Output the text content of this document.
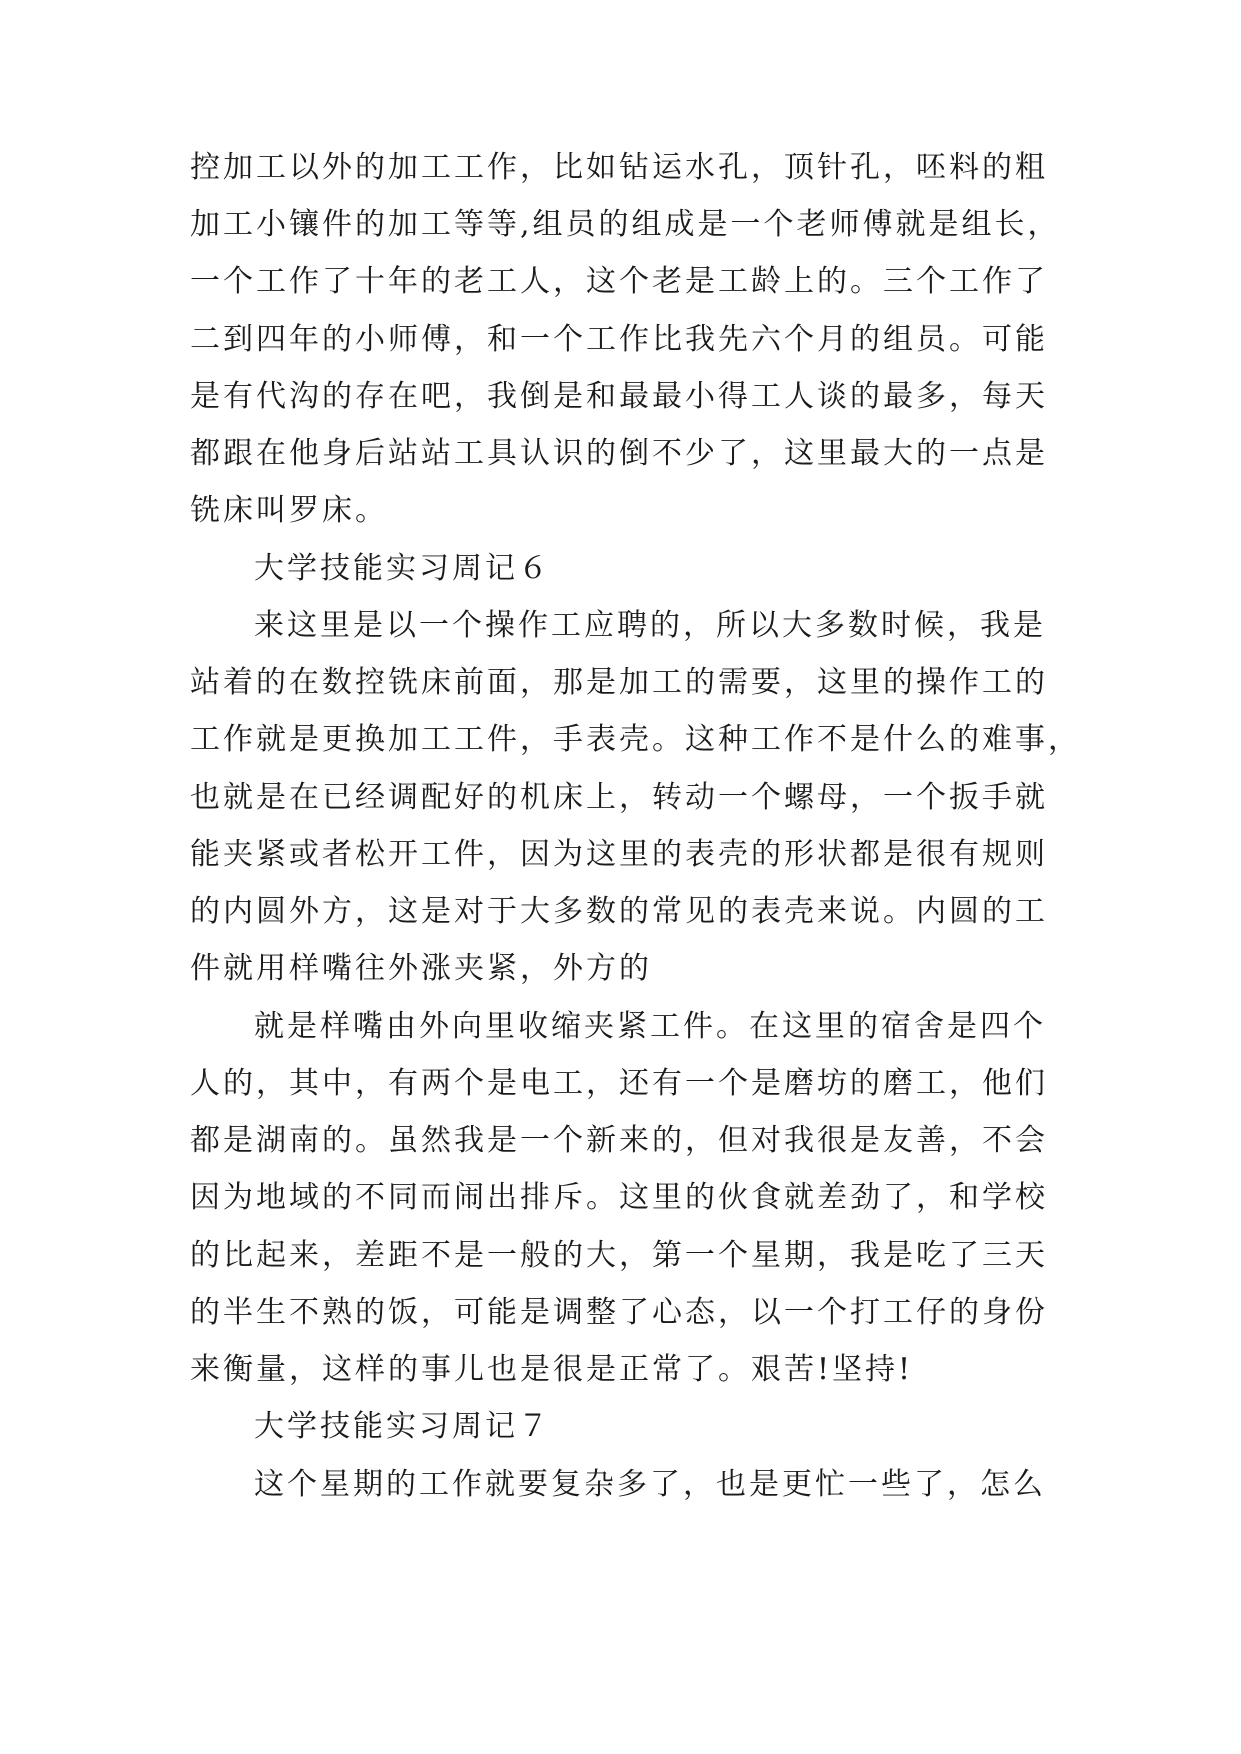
控加工以外的加工工作，比如钻运水孔，顶针孔，呸料的粗
加工小镶件的加工等等,组员的组成是一个老师傅就是组长，
一个工作了十年的老工人，这个老是工龄上的。三个工作了
二到四年的小师傅，和一个工作比我先六个月的组员。可能
是有代沟的存在吧，我倒是和最最小得工人谈的最多，每天
都跟在他身后站站工具认识的倒不少了，这里最大的一点是
铣床叫罗床。
大学技能实习周记６
来这里是以一个操作工应聘的，所以大多数时候，我是
站着的在数控铣床前面，那是加工的需要，这里的操作工的
工作就是更换加工工件，手表壳。这种工作不是什么的难事，
也就是在已经调配好的机床上，转动一个螺母，一个扳手就
能夹紧或者松开工件，因为这里的表壳的形状都是很有规则
的内圆外方，这是对于大多数的常见的表壳来说。内圆的工
件就用样嘴往外涨夹紧，外方的
就是样嘴由外向里收缩夹紧工件。在这里的宿舍是四个
人的，其中，有两个是电工，还有一个是磨坊的磨工，他们
都是湖南的。虽然我是一个新来的，但对我很是友善，不会
因为地域的不同而闹出排斥。这里的伙食就差劲了，和学校
的比起来，差距不是一般的大，第一个星期，我是吃了三天
的半生不熟的饭，可能是调整了心态，以一个打工仔的身份
来衡量，这样的事儿也是很是正常了。艰苦!坚持!
大学技能实习周记７
这个星期的工作就要复杂多了，也是更忙一些了，怎么
